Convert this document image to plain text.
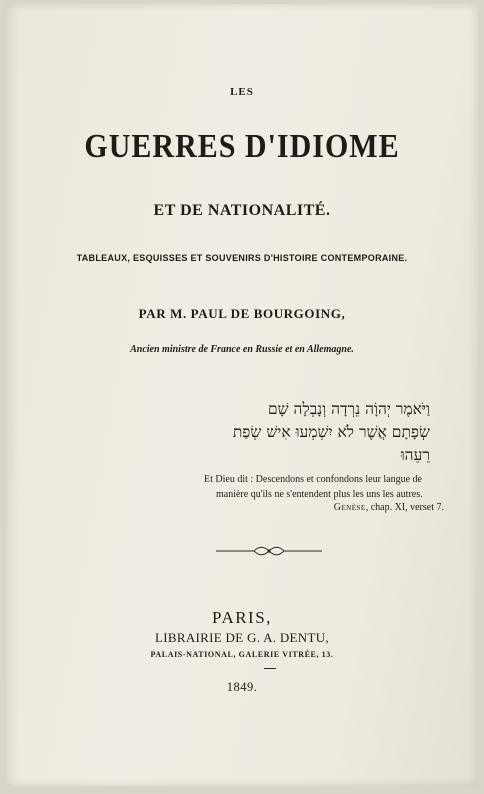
LES
GUERRES D'IDIOME
ET DE NATIONALITÉ.
TABLEAUX, ESQUISSES ET SOUVENIRS D'HISTOIRE CONTEMPORAINE.
PAR M. PAUL DE BOURGOING,
Ancien ministre de France en Russie et en Allemagne.
וַיֹּאמֶר יְהוָֹה נֵרְדָה וְנָבְלָה שָׁם
שְׂפָתָם אֲשֶׁר לֹא יִשְׁמְעוּ אִישׁ שְׂפַת
רֵעֵהוּ
Et Dieu dit : Descendons et confondons leur langue de
manière qu'ils ne s'entendent plus les uns les autres.
Genèse, chap. XI, verset 7.
PARIS,
LIBRAIRIE DE G. A. DENTU,
PALAIS-NATIONAL, GALERIE VITRÉE, 13.
1849.
